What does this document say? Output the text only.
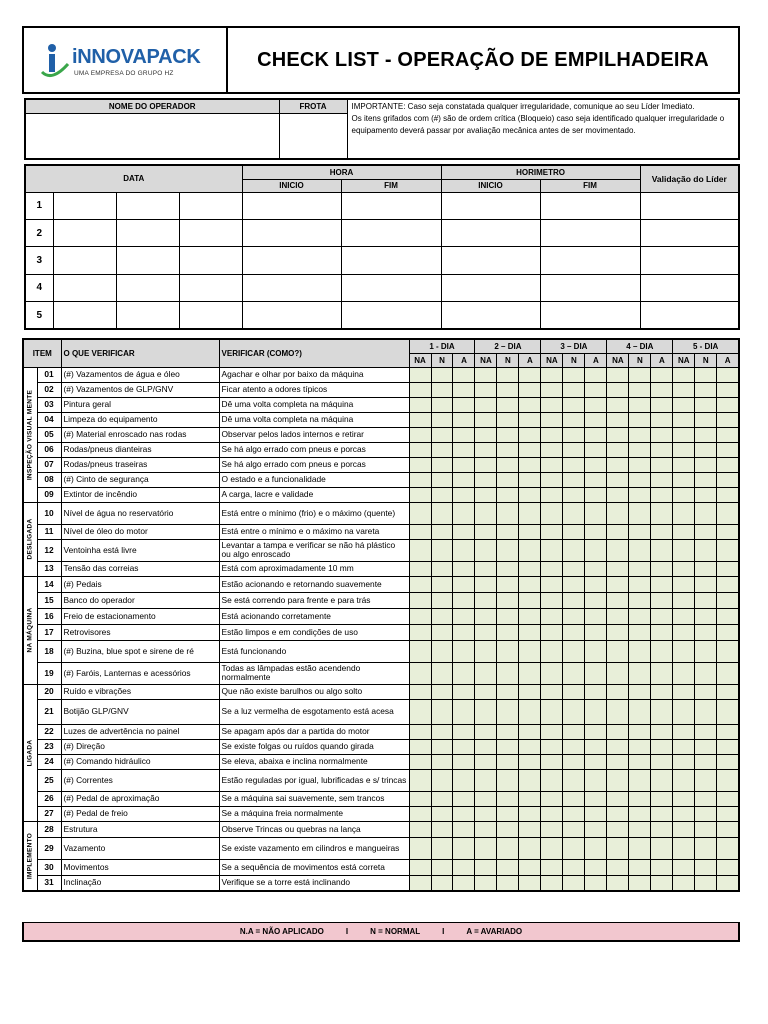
iNNOVAPACK
UMA EMPRESA DO GRUPO HZ
CHECK LIST - OPERAÇÃO DE EMPILHADEIRA
NOME DO OPERADOR	FROTA	IMPORTANTE: Caso seja constatada qualquer irregularidade, comunique ao seu Líder Imediato.
Os itens grifados com (#) são de ordem crítica (Bloqueio) caso seja identificado qualquer irregularidade o equipamento deverá passar por avaliação mecânica antes de ser movimentado.

DATA				HORA		HORIMETRO		Validação do Líder
				INICIO	FIM	INICIO	FIM	
1								
2								
3								
4								
5								
ITEM		O QUE VERIFICAR	VERIFICAR (COMO?)	1 - DIA			2 – DIA			3 – DIA			4 – DIA			5 - DIA		
				NA	N	A	NA	N	A	NA	N	A	NA	N	A	NA	N	A

INSPEÇÃO VISUAL MENTE	01	(#) Vazamentos de água e óleo	Agachar e olhar por baixo da máquina															
	02	(#) Vazamentos de GLP/GNV	Ficar atento a odores típicos															
	03	Pintura geral	Dê uma volta completa na máquina															
	04	Limpeza do equipamento	Dê uma volta completa na máquina															
	05	(#) Material enroscado nas rodas	Observar pelos lados internos e retirar															
	06	Rodas/pneus dianteiras	Se há algo errado com pneus e porcas															
	07	Rodas/pneus traseiras	Se há algo errado com pneus e porcas															
	08	(#) Cinto de segurança	O estado e a funcionalidade															
	09	Extintor de incêndio	A carga, lacre e validade															

DESLIGADA	10	Nível de água no reservatório	Está entre o mínimo (frio) e o máximo (quente)															
	11	Nível de óleo do motor	Está entre o mínimo e o máximo na vareta															
	12	Ventoinha está livre	Levantar a tampa e verificar se não há plástico ou algo enroscado															
	13	Tensão das correias	Está com aproximadamente 10 mm															

NA MÁQUINA	14	(#) Pedais	Estão acionando e retornando suavemente															
	15	Banco do operador	Se está correndo para frente e para trás															
	16	Freio de estacionamento	Está acionando corretamente															
	17	Retrovisores	Estão limpos e em condições de uso															
	18	(#) Buzina, blue spot e sirene de ré	Está funcionando															
	19	(#) Faróis, Lanternas e acessórios	Todas as lâmpadas estão acendendo normalmente															

LIGADA	20	Ruído e vibrações	Que não existe barulhos ou algo solto															
	21	Botijão GLP/GNV	Se a luz vermelha de esgotamento está acesa															
	22	Luzes de advertência no painel	Se apagam após dar a partida do motor															
	23	(#) Direção	Se existe folgas ou ruídos quando girada															
	24	(#) Comando hidráulico	Se eleva, abaixa e inclina normalmente															
	25	(#) Correntes	Estão reguladas por igual, lubrificadas e s/ trincas															
	26	(#) Pedal de aproximação	Se a máquina sai suavemente, sem trancos															
	27	(#) Pedal de freio	Se a máquina freia normalmente															

IMPLEMENTO	28	Estrutura	Observe Trincas ou quebras na lança															
	29	Vazamento	Se existe vazamento em cilindros e mangueiras															
	30	Movimentos	Se a sequência de movimentos está correta															
	31	Inclinação	Verifique se a torre está inclinando															
N.A = NÃO APLICADO	I	N = NORMAL	I	A = AVARIADO
